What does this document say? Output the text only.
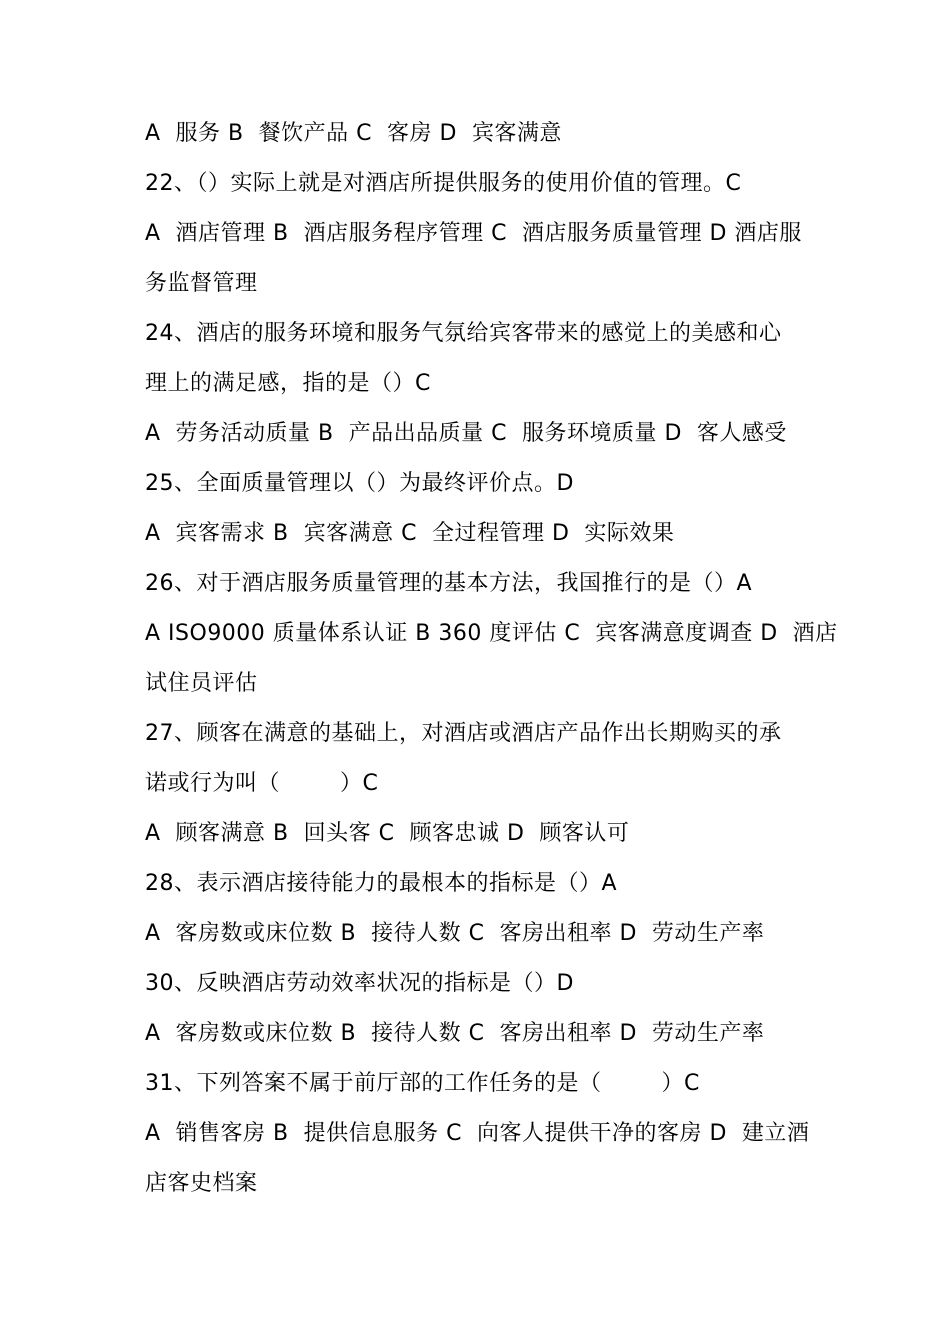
A  服务 B  餐饮产品 C  客房 D  宾客满意
22、（）实际上就是对酒店所提供服务的使用价值的管理。C
A  酒店管理 B  酒店服务程序管理 C  酒店服务质量管理 D 酒店服
务监督管理
24、酒店的服务环境和服务气氛给宾客带来的感觉上的美感和心
理上的满足感，指的是（）C
A  劳务活动质量 B  产品出品质量 C  服务环境质量 D  客人感受
25、全面质量管理以（）为最终评价点。D
A  宾客需求 B  宾客满意 C  全过程管理 D  实际效果
26、对于酒店服务质量管理的基本方法，我国推行的是（）A
A ISO9000 质量体系认证 B 360 度评估 C  宾客满意度调查 D  酒店
试住员评估
27、顾客在满意的基础上，对酒店或酒店产品作出长期购买的承
诺或行为叫（        ）C
A  顾客满意 B  回头客 C  顾客忠诚 D  顾客认可
28、表示酒店接待能力的最根本的指标是（）A
A  客房数或床位数 B  接待人数 C  客房出租率 D  劳动生产率
30、反映酒店劳动效率状况的指标是（）D
A  客房数或床位数 B  接待人数 C  客房出租率 D  劳动生产率
31、下列答案不属于前厅部的工作任务的是（        ）C
A  销售客房 B  提供信息服务 C  向客人提供干净的客房 D  建立酒
店客史档案
